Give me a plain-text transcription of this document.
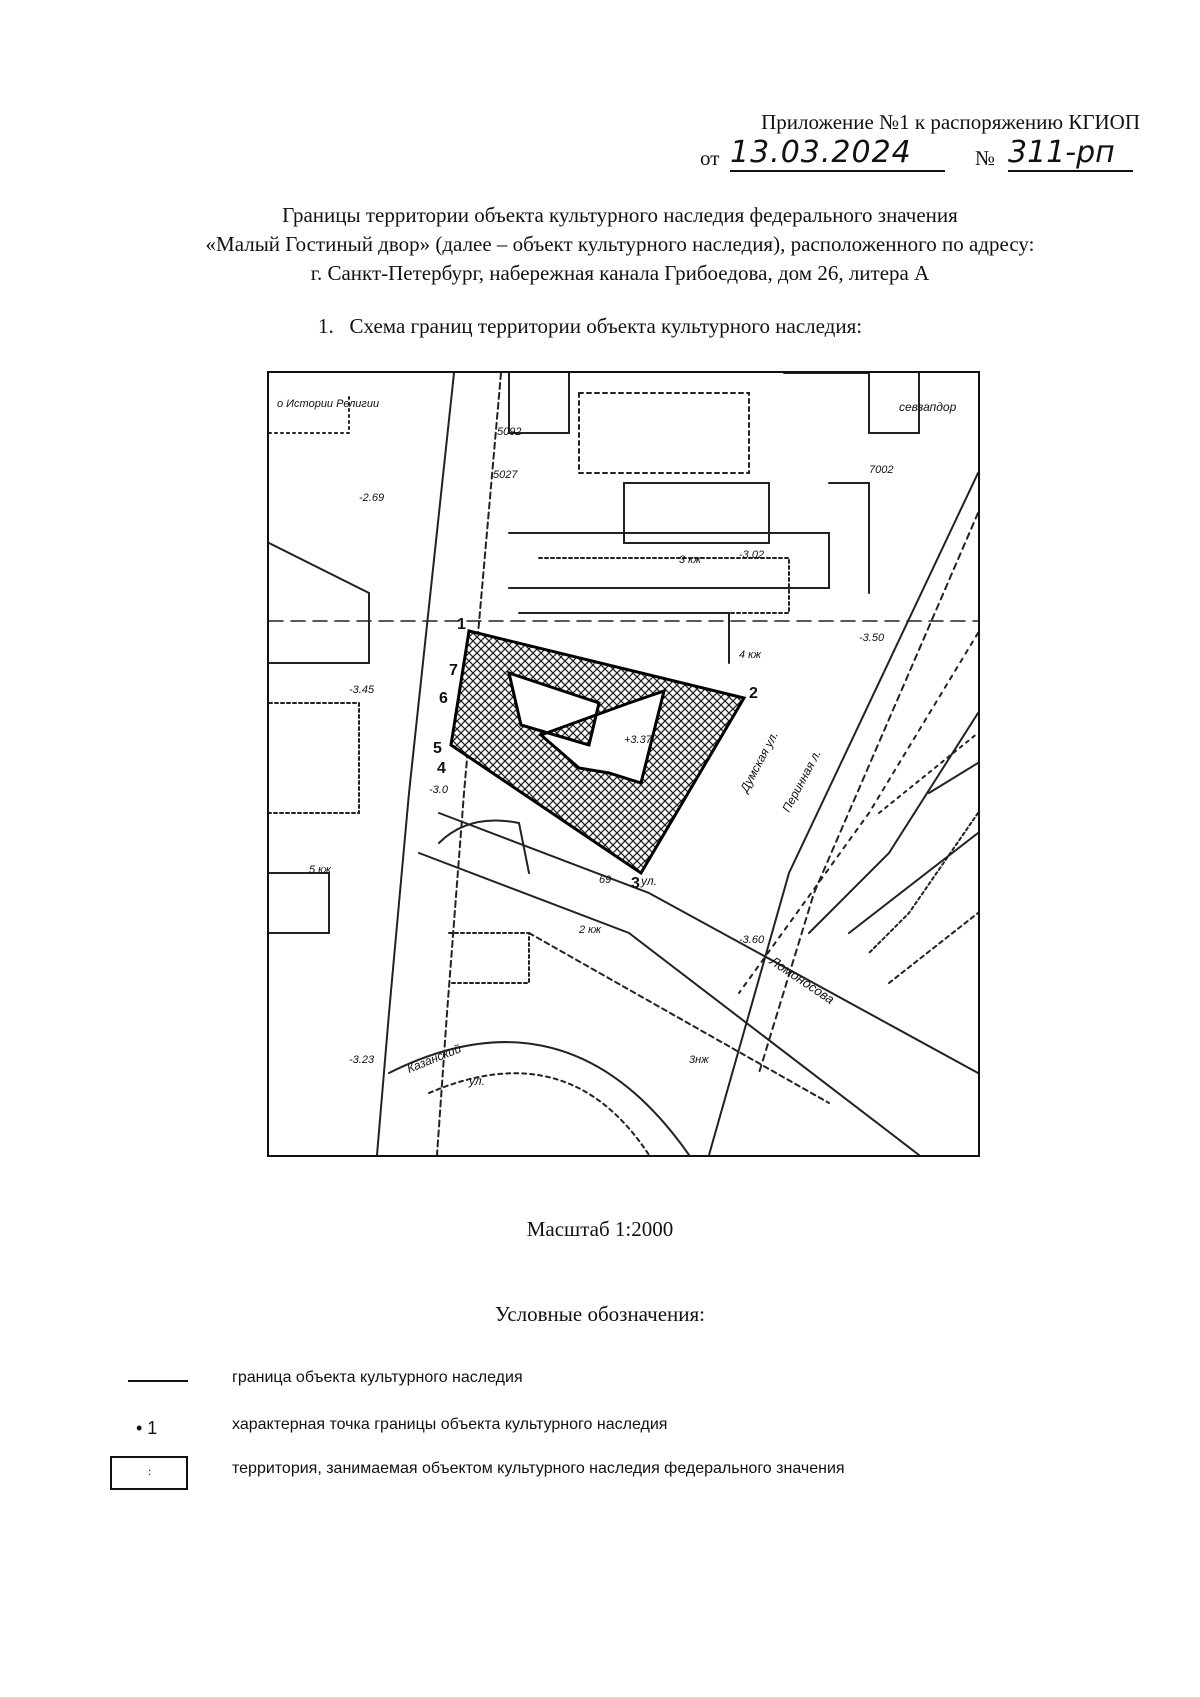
Приложение №1 к распоряжению КГИОП
от 13.03.2024	№ 311-рп
Границы территории объекта культурного наследия федерального значения
«Малый Гостиный двор» (далее – объект культурного наследия), расположенного по адресу:
г. Санкт-Петербург, набережная канала Грибоедова, дом 26, литера А
1. Схема границ территории объекта культурного наследия:
1
2
3
4
5
6
7
о Истории Религии	севзапдор
Думская ул.
Перинная л.
Ломоносова
ул.
Казанский
ул.
-2.69
+3.37
-3.0
-3.60
-3.45
-3.23
-3.02
-3.50
69
4 кж
3 кж
5 кж
2 кж
3нж
5092
5027	7002
Масштаб 1:2000
Условные обозначения:
граница объекта культурного наследия
• 1	характерная точка границы объекта культурного наследия
:	территория, занимаемая объектом культурного наследия федерального значения
